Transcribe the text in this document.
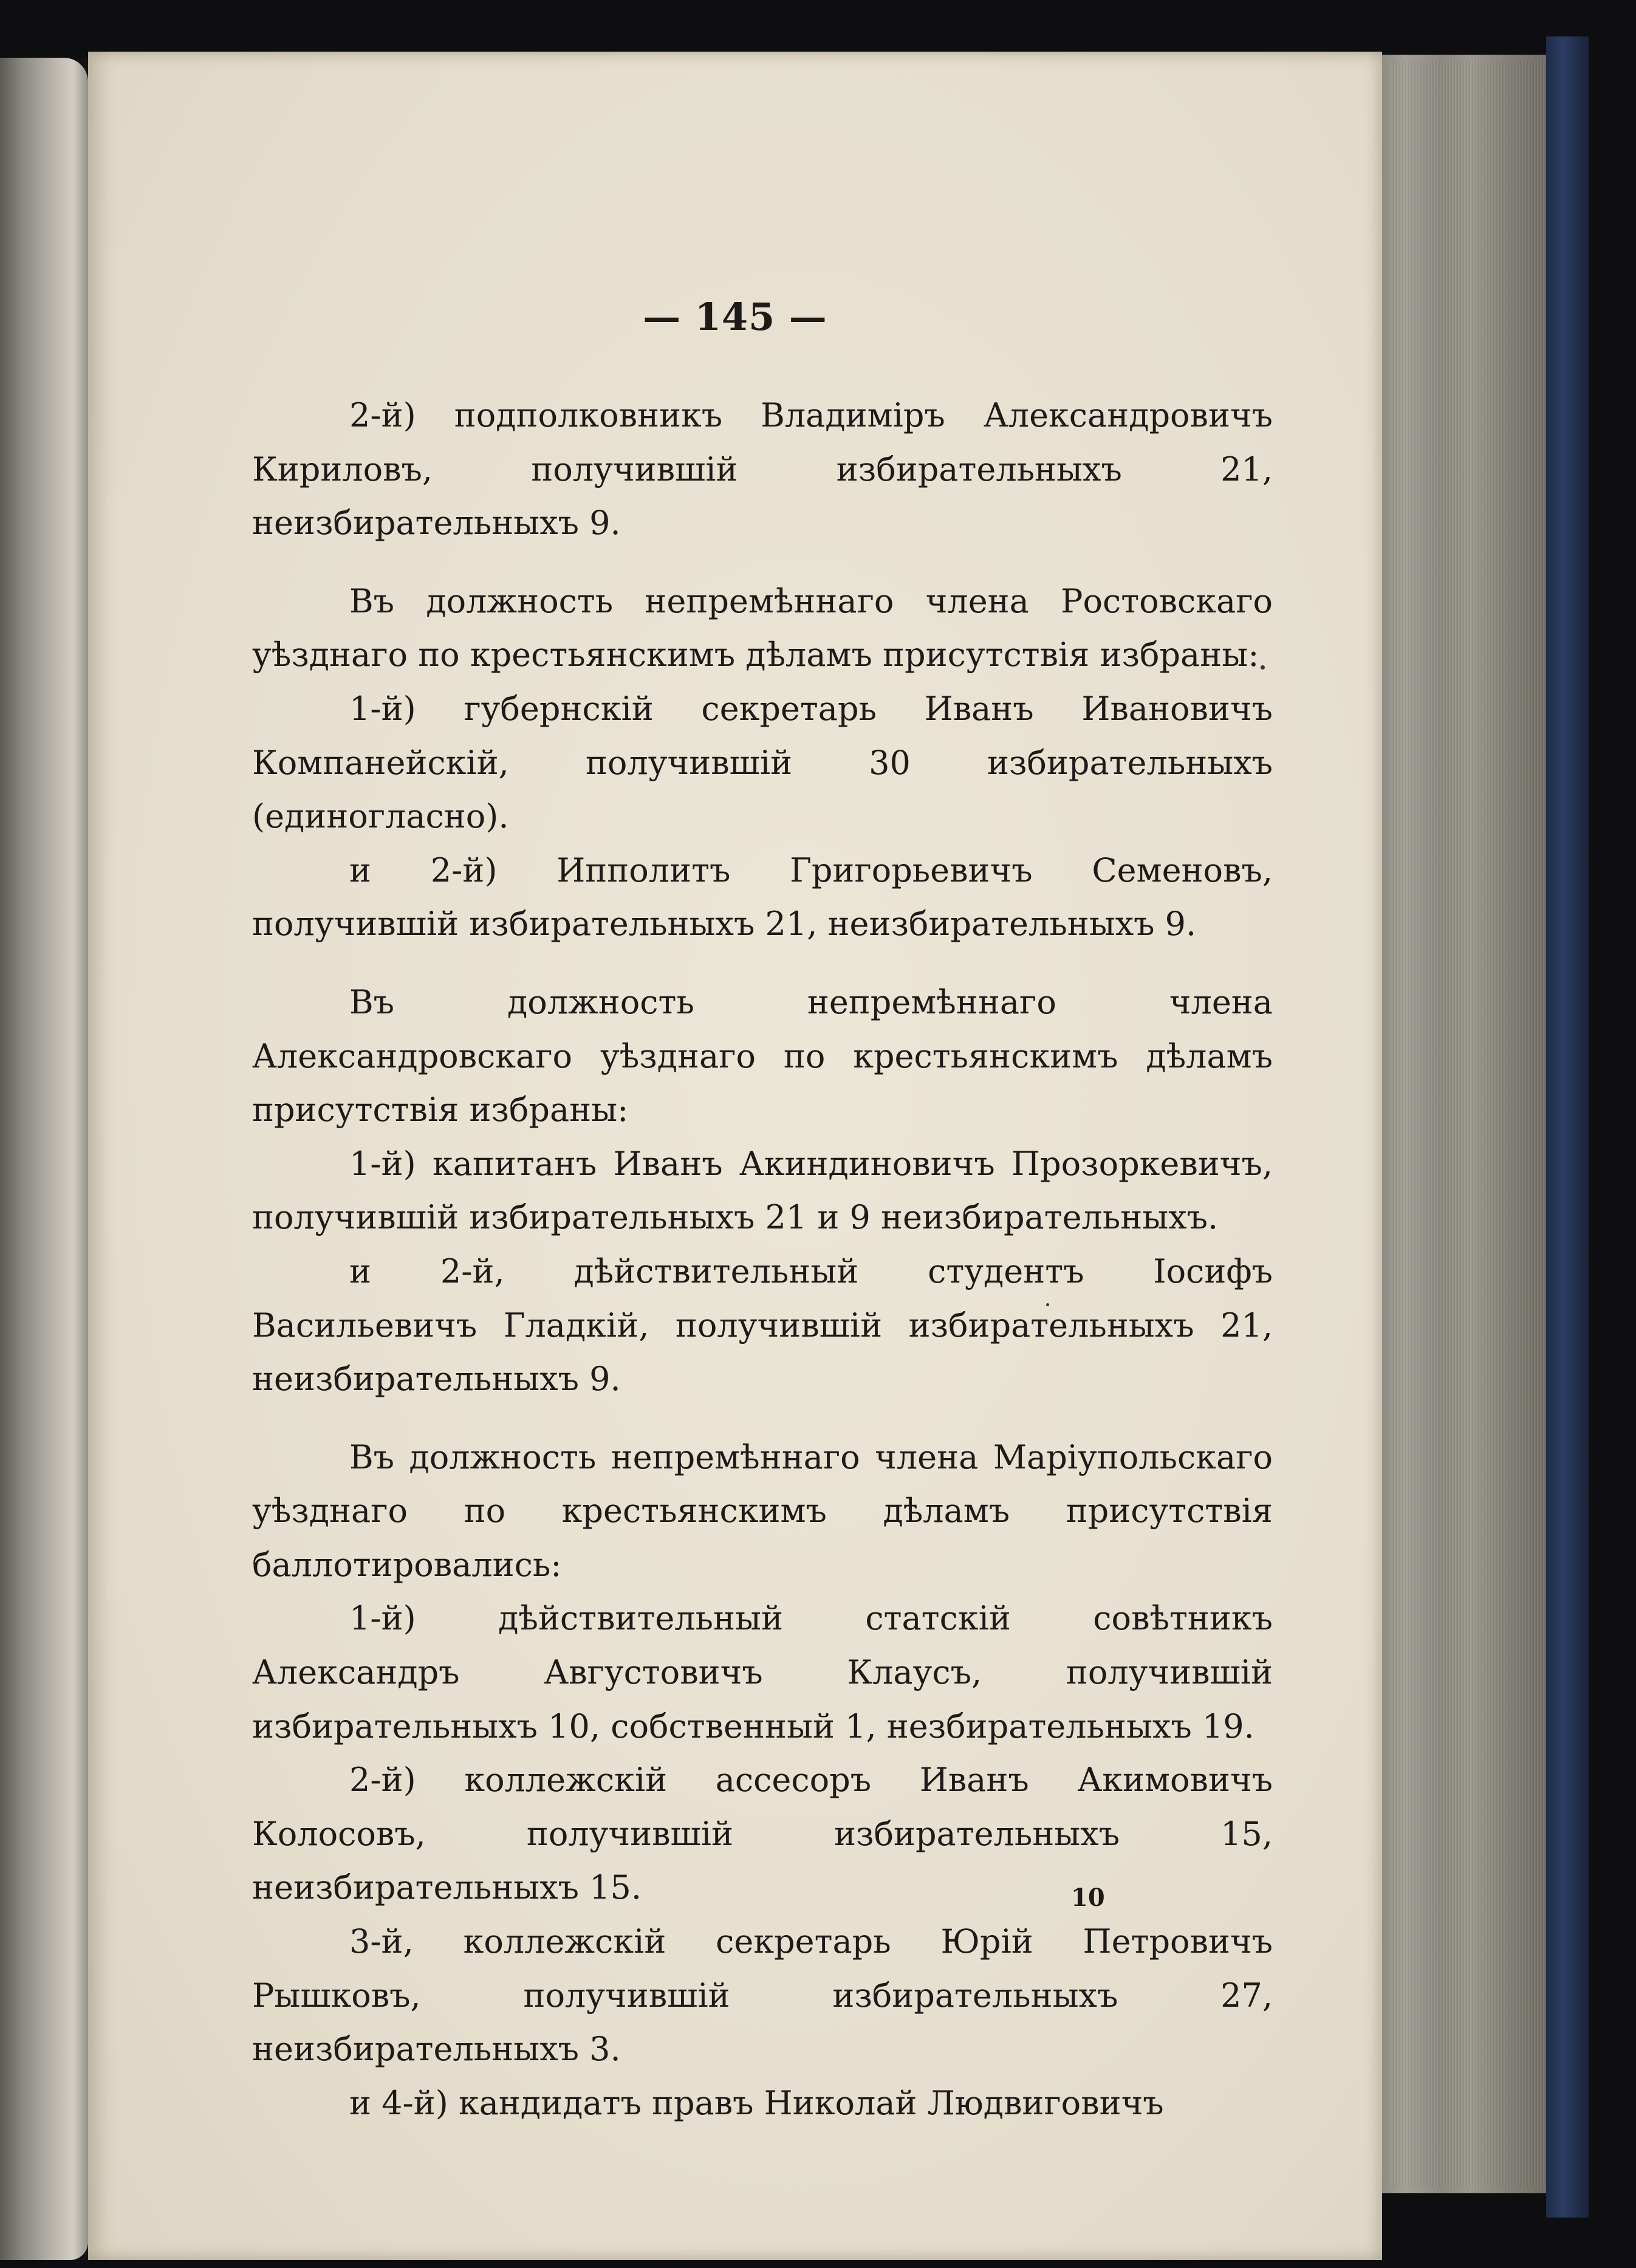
— 145 —

2-й) подполковникъ Владиміръ Александровичъ Кириловъ, получившій избирательныхъ 21, неизбирательныхъ 9.

Въ должность непремѣннаго члена Ростовскаго уѣзднаго по крестьянскимъ дѣламъ присутствія избраны:

1-й) губернскій секретарь Иванъ Ивановичъ Компанейскій, получившій 30 избирательныхъ (единогласно).

и 2-й) Ипполитъ Григорьевичъ Семеновъ, получившій избирательныхъ 21, неизбирательныхъ 9.

Въ должность непремѣннаго члена Александровскаго уѣзднаго по крестьянскимъ дѣламъ присутствія избраны:

1-й) капитанъ Иванъ Акиндиновичъ Прозоркевичъ, получившій избирательныхъ 21 и 9 неизбирательныхъ.

и 2-й, дѣйствительный студентъ Іосифъ Васильевичъ Гладкій, получившій избирательныхъ 21, неизбирательныхъ 9.

Въ должность непремѣннаго члена Маріупольскаго уѣзднаго по крестьянскимъ дѣламъ присутствія баллотировались:

1-й) дѣйствительный статскій совѣтникъ Александръ Августовичъ Клаусъ, получившій избирательныхъ 10, собственный 1, незбирательныхъ 19.

2-й) коллежскій ассесоръ Иванъ Акимовичъ Колосовъ, получившій избирательныхъ 15, неизбирательныхъ 15.

3-й, коллежскій секретарь Юрій Петровичъ Рышковъ, получившій избирательныхъ 27, неизбирательныхъ 3.

и 4-й) кандидатъ правъ Николай Людвиговичъ

10
